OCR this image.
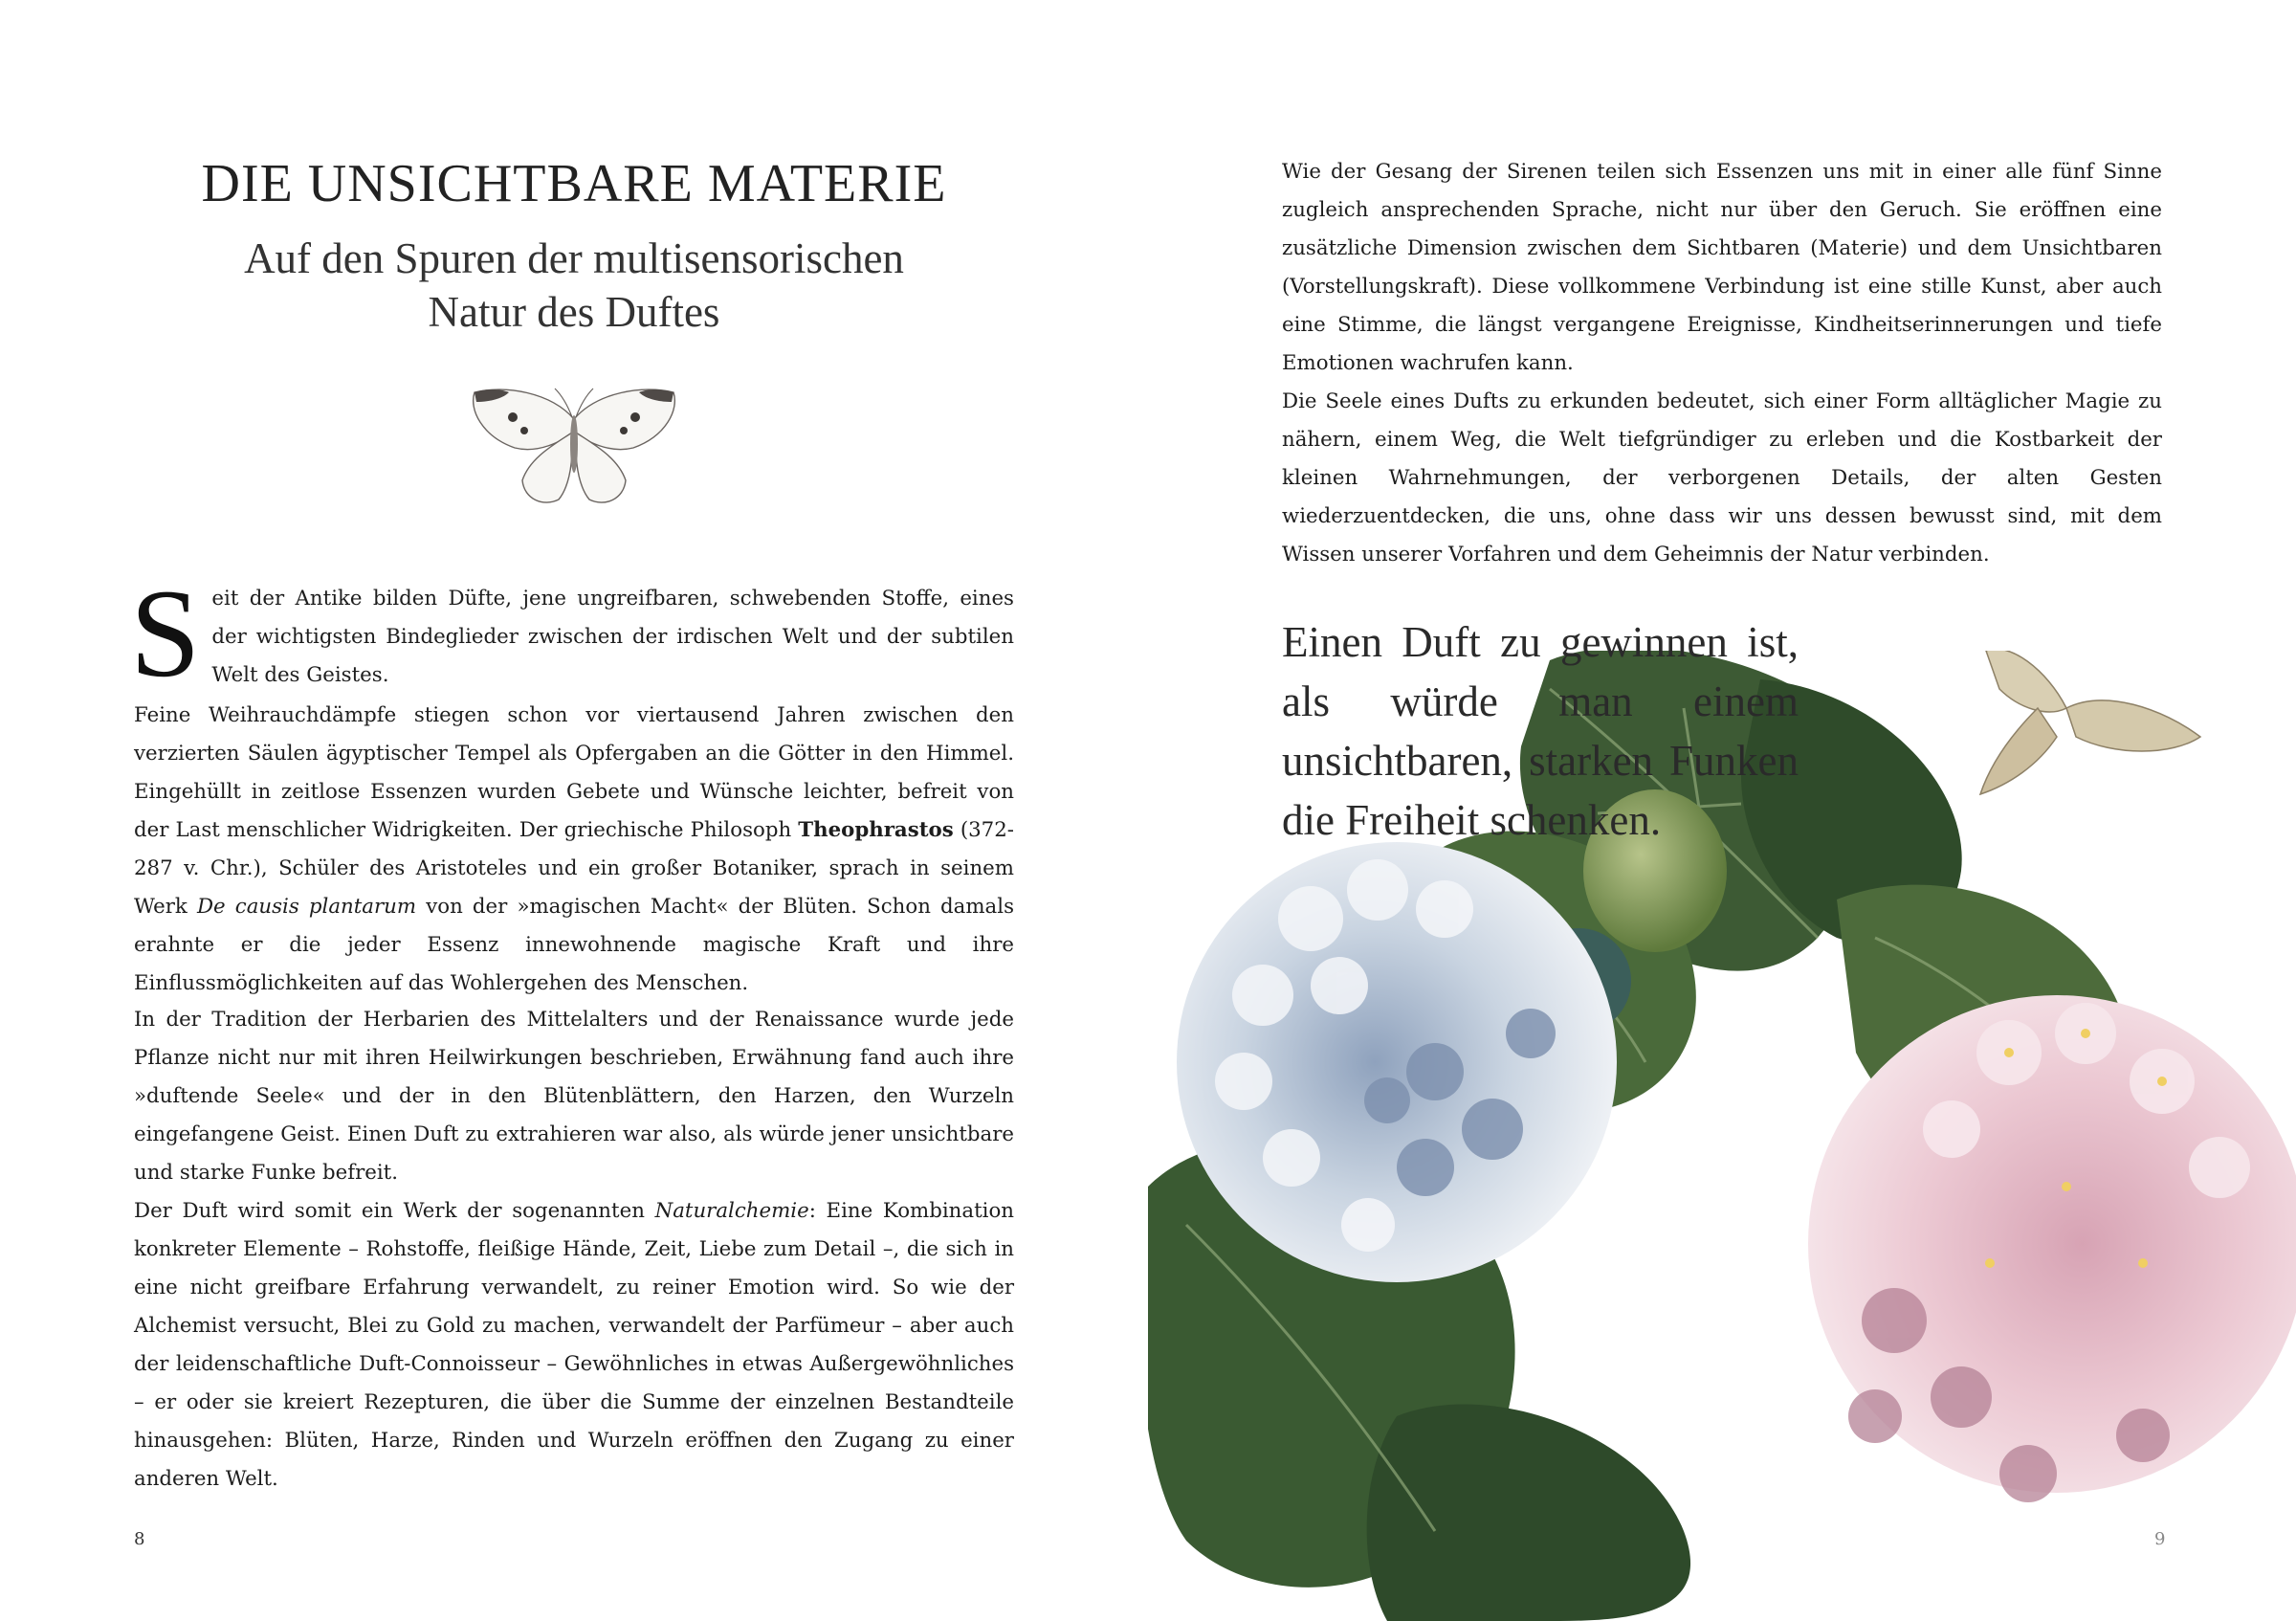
DIE UNSICHTBARE MATERIE
Auf den Spuren der multisensorischen
Natur des Duftes
S eit der Antike bilden Düfte, jene ungreifbaren, schwebenden Stoffe, eines der wichtigsten Bindeglieder zwischen der irdischen Welt und der subtilen Welt des Geistes.

Feine Weihrauchdämpfe stiegen schon vor viertausend Jahren zwischen den verzierten Säulen ägyptischer Tempel als Opfergaben an die Götter in den Himmel. Eingehüllt in zeitlose Essenzen wurden Gebete und Wünsche leichter, befreit von der Last menschlicher Widrigkeiten. Der griechische Philosoph Theophrastos (372-287 v. Chr.), Schüler des Aristoteles und ein großer Botaniker, sprach in seinem Werk De causis plantarum von der »magischen Macht« der Blüten. Schon damals erahnte er die jeder Essenz innewohnende magische Kraft und ihre Einflussmöglichkeiten auf das Wohlergehen des Menschen.

In der Tradition der Herbarien des Mittelalters und der Renaissance wurde jede Pflanze nicht nur mit ihren Heilwirkungen beschrieben, Erwähnung fand auch ihre »duftende Seele« und der in den Blütenblättern, den Harzen, den Wurzeln eingefangene Geist. Einen Duft zu extrahieren war also, als würde jener unsichtbare und starke Funke befreit.

Der Duft wird somit ein Werk der sogenannten Naturalchemie: Eine Kombination konkreter Elemente – Rohstoffe, fleißige Hände, Zeit, Liebe zum Detail –, die sich in eine nicht greifbare Erfahrung verwandelt, zu reiner Emotion wird. So wie der Alchemist versucht, Blei zu Gold zu machen, verwandelt der Parfümeur – aber auch der leidenschaftliche Duft-Connoisseur – Gewöhnliches in etwas Außergewöhnliches – er oder sie kreiert Rezepturen, die über die Summe der einzelnen Bestandteile hinausgehen: Blüten, Harze, Rinden und Wurzeln eröffnen den Zugang zu einer anderen Welt.

8

Wie der Gesang der Sirenen teilen sich Essenzen uns mit in einer alle fünf Sinne zugleich ansprechenden Sprache, nicht nur über den Geruch. Sie eröffnen eine zusätzliche Dimension zwischen dem Sichtbaren (Materie) und dem Unsichtbaren (Vorstellungskraft). Diese vollkommene Verbindung ist eine stille Kunst, aber auch eine Stimme, die längst vergangene Ereignisse, Kindheitserinnerungen und tiefe Emotionen wachrufen kann.

Die Seele eines Dufts zu erkunden bedeutet, sich einer Form alltäglicher Magie zu nähern, einem Weg, die Welt tiefgründiger zu erleben und die Kostbarkeit der kleinen Wahrnehmungen, der verborgenen Details, der alten Gesten wiederzuentdecken, die uns, ohne dass wir uns dessen bewusst sind, mit dem Wissen unserer Vorfahren und dem Geheimnis der Natur verbinden.

Einen Duft zu gewinnen ist, als würde man einem unsichtbaren, starken Funken die Freiheit schenken.

9
